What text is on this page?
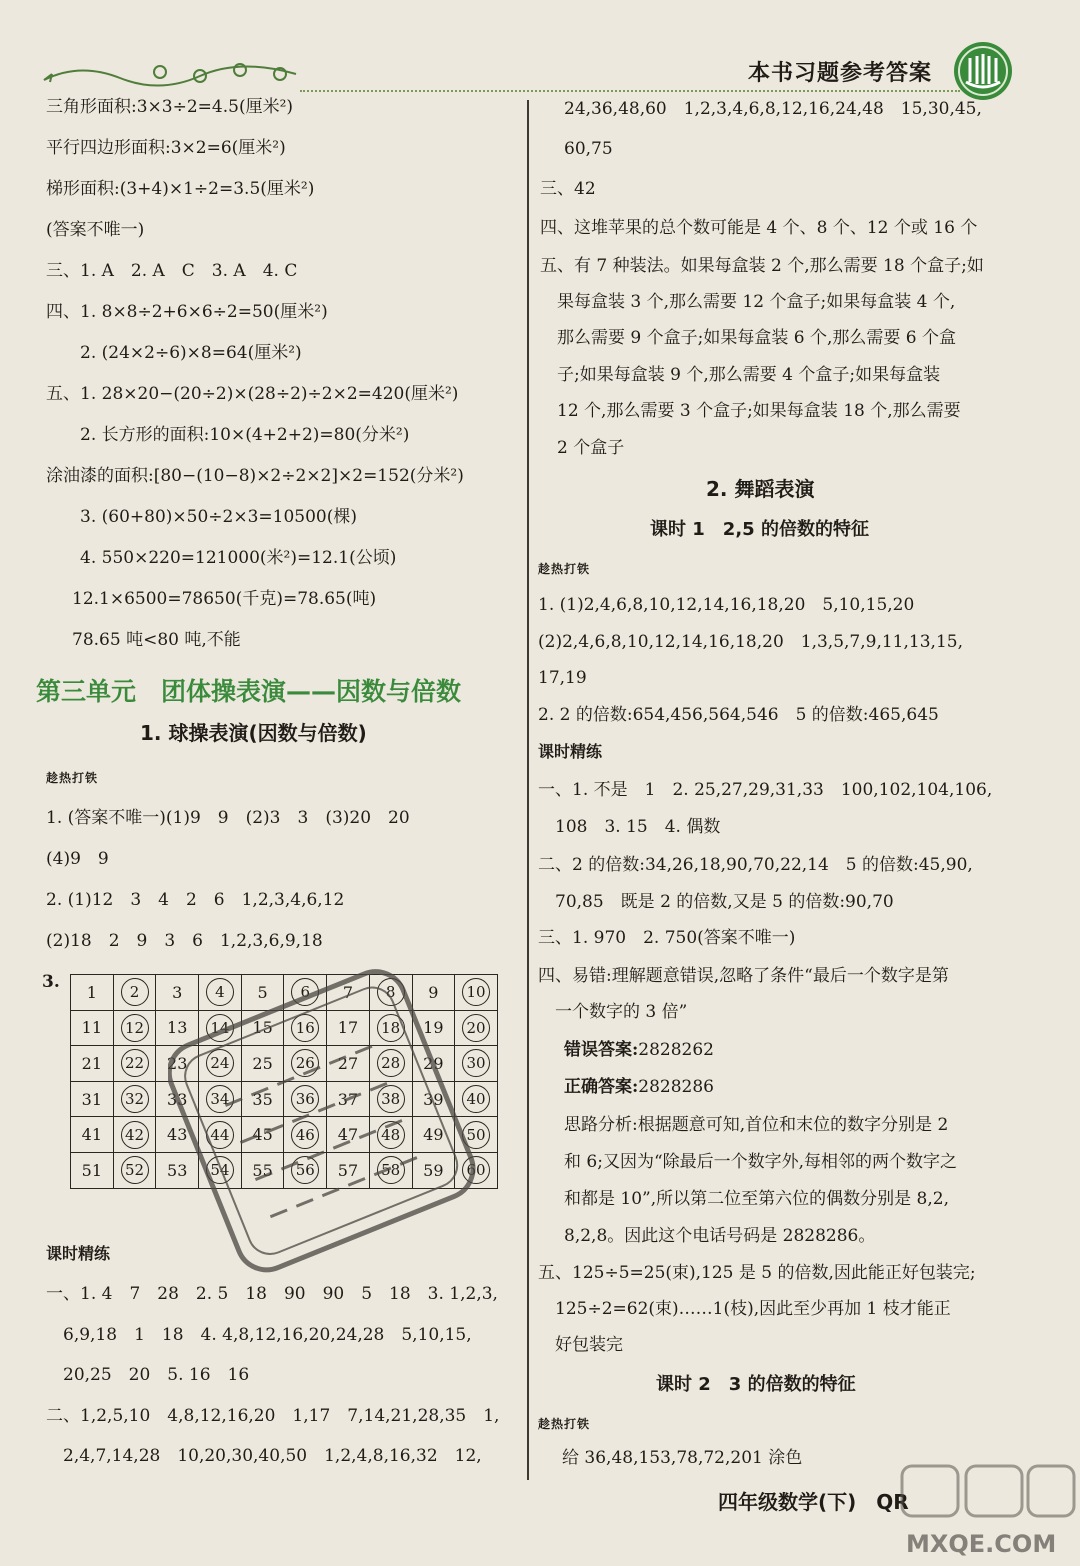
本书习题参考答案
三角形面积:3×3÷2=4.5(厘米²)
平行四边形面积:3×2=6(厘米²)
梯形面积:(3+4)×1÷2=3.5(厘米²)
(答案不唯一)
三、1. A　2. A　C　3. A　4. C
四、1. 8×8÷2+6×6÷2=50(厘米²)
　　2. (24×2÷6)×8=64(厘米²)
五、1. 28×20−(20÷2)×(28÷2)÷2×2=420(厘米²)
　　2. 长方形的面积:10×(4+2+2)=80(分米²)
涂油漆的面积:[80−(10−8)×2÷2×2]×2=152(分米²)
　　3. (60+80)×50÷2×3=10500(棵)
　　4. 550×220=121000(米²)=12.1(公顷)
12.1×6500=78650(千克)=78.65(吨)
78.65 吨<80 吨,不能
第三单元　团体操表演——因数与倍数
1. 球操表演(因数与倍数)
趁热打铁
1. (答案不唯一)(1)9　9　(2)3　3　(3)20　20
(4)9　9
2. (1)12　3　4　2　6　1,2,3,4,6,12
(2)18　2　9　3　6　1,2,3,6,9,18
3.
1	2	3	4	5	6	7	8	9	10
11	12	13	14	15	16	17	18	19	20
21	22	23	24	25	26	27	28	29	30
31	32	33	34	35	36	37	38	39	40
41	42	43	44	45	46	47	48	49	50
51	52	53	54	55	56	57	58	59	60
课时精练
一、1. 4　7　28　2. 5　18　90　90　5　18　3. 1,2,3,
　6,9,18　1　18　4. 4,8,12,16,20,24,28　5,10,15,
　20,25　20　5. 16　16
二、1,2,5,10　4,8,12,16,20　1,17　7,14,21,28,35　1,
　2,4,7,14,28　10,20,30,40,50　1,2,4,8,16,32　12,
24,36,48,60　1,2,3,4,6,8,12,16,24,48　15,30,45,
60,75
三、42
四、这堆苹果的总个数可能是 4 个、8 个、12 个或 16 个
五、有 7 种装法。如果每盒装 2 个,那么需要 18 个盒子;如
　果每盒装 3 个,那么需要 12 个盒子;如果每盒装 4 个,
　那么需要 9 个盒子;如果每盒装 6 个,那么需要 6 个盒
　子;如果每盒装 9 个,那么需要 4 个盒子;如果每盒装
　12 个,那么需要 3 个盒子;如果每盒装 18 个,那么需要
　2 个盒子
2. 舞蹈表演
课时 1　2,5 的倍数的特征
趁热打铁
1. (1)2,4,6,8,10,12,14,16,18,20　5,10,15,20
(2)2,4,6,8,10,12,14,16,18,20　1,3,5,7,9,11,13,15,
17,19
2. 2 的倍数:654,456,564,546　5 的倍数:465,645
课时精练
一、1. 不是　1　2. 25,27,29,31,33　100,102,104,106,
　108　3. 15　4. 偶数
二、2 的倍数:34,26,18,90,70,22,14　5 的倍数:45,90,
　70,85　既是 2 的倍数,又是 5 的倍数:90,70
三、1. 970　2. 750(答案不唯一)
四、易错:理解题意错误,忽略了条件“最后一个数字是第
　一个数字的 3 倍”
错误答案:2828262
正确答案:2828286
思路分析:根据题意可知,首位和末位的数字分别是 2
和 6;又因为“除最后一个数字外,每相邻的两个数字之
和都是 10”,所以第二位至第六位的偶数分别是 8,2,
8,2,8。因此这个电话号码是 2828286。
五、125÷5=25(束),125 是 5 的倍数,因此能正好包装完;
　125÷2=62(束)……1(枝),因此至少再加 1 枝才能正
　好包装完
课时 2　3 的倍数的特征
趁热打铁
给 36,48,153,78,72,201 涂色
四年级数学(下)　QR
MXQE.COM
